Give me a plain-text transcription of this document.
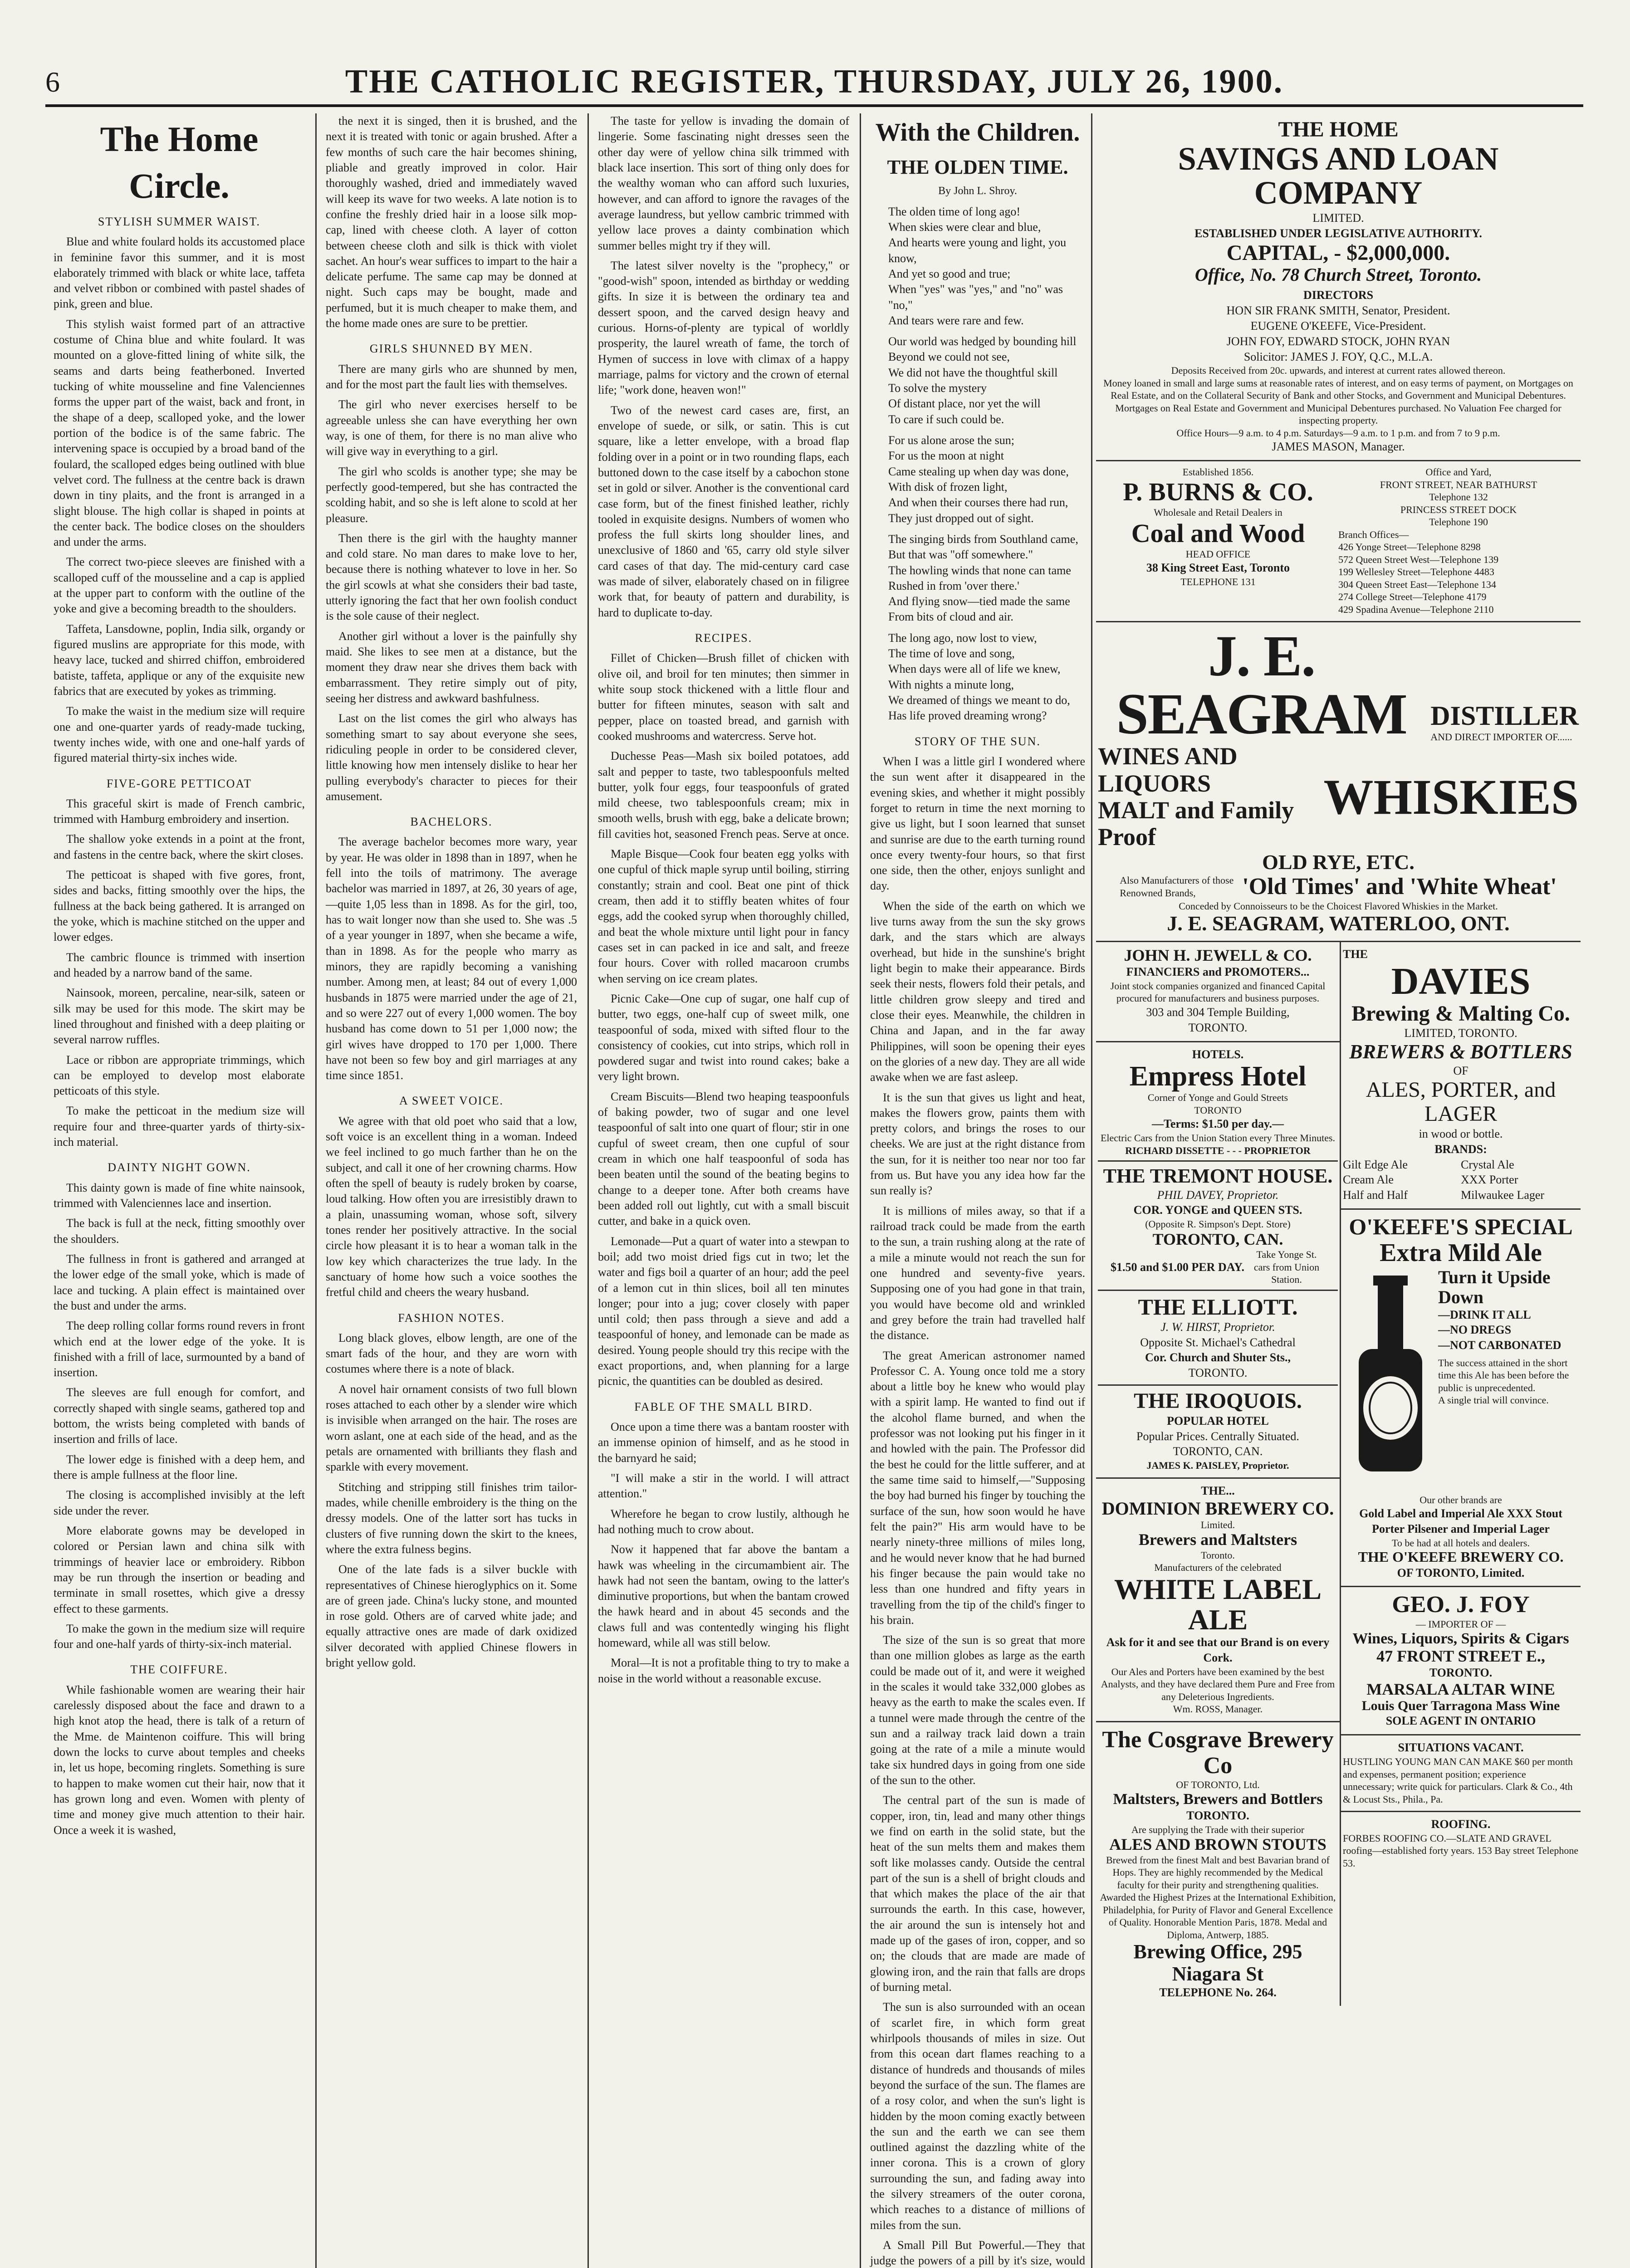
6	THE CATHOLIC REGISTER, THURSDAY, JULY 26, 1900.
The Home Circle.
STYLISH SUMMER WAIST.

Blue and white foulard holds its accustomed place in feminine favor this summer, and it is most elaborately trimmed with black or white lace, taffeta and velvet ribbon or combined with pastel shades of pink, green and blue.

This stylish waist formed part of an attractive costume of China blue and white foulard. It was mounted on a glove-fitted lining of white silk, the seams and darts being featherboned. Inverted tucking of white mousseline and fine Valenciennes forms the upper part of the waist, back and front, in the shape of a deep, scalloped yoke, and the lower portion of the bodice is of the same fabric. The intervening space is occupied by a broad band of the foulard, the scalloped edges being outlined with blue velvet cord. The fullness at the centre back is drawn down in tiny plaits, and the front is arranged in a slight blouse. The high collar is shaped in points at the center back. The bodice closes on the shoulders and under the arms.

The correct two-piece sleeves are finished with a scalloped cuff of the mousseline and a cap is applied at the upper part to conform with the outline of the yoke and give a becoming breadth to the shoulders.

Taffeta, Lansdowne, poplin, India silk, organdy or figured muslins are appropriate for this mode, with heavy lace, tucked and shirred chiffon, embroidered batiste, taffeta, applique or any of the exquisite new fabrics that are executed by yokes as trimming.

To make the waist in the medium size will require one and one-quarter yards of ready-made tucking, twenty inches wide, with one and one-half yards of figured material thirty-six inches wide.

FIVE-GORE PETTICOAT

This graceful skirt is made of French cambric, trimmed with Hamburg embroidery and insertion.

The shallow yoke extends in a point at the front, and fastens in the centre back, where the skirt closes.

The petticoat is shaped with five gores, front, sides and backs, fitting smoothly over the hips, the fullness at the back being gathered. It is arranged on the yoke, which is machine stitched on the upper and lower edges.

The cambric flounce is trimmed with insertion and headed by a narrow band of the same.

Nainsook, moreen, percaline, near-silk, sateen or silk may be used for this mode. The skirt may be lined throughout and finished with a deep plaiting or several narrow ruffles.

Lace or ribbon are appropriate trimmings, which can be employed to develop most elaborate petticoats of this style.

To make the petticoat in the medium size will require four and three-quarter yards of thirty-six-inch material.

DAINTY NIGHT GOWN.

This dainty gown is made of fine white nainsook, trimmed with Valenciennes lace and insertion.

The back is full at the neck, fitting smoothly over the shoulders.

The fullness in front is gathered and arranged at the lower edge of the small yoke, which is made of lace and tucking. A plain effect is maintained over the bust and under the arms.

The deep rolling collar forms round revers in front which end at the lower edge of the yoke. It is finished with a frill of lace, surmounted by a band of insertion.

The sleeves are full enough for comfort, and correctly shaped with single seams, gathered top and bottom, the wrists being completed with bands of insertion and frills of lace.

The lower edge is finished with a deep hem, and there is ample fullness at the floor line.

The closing is accomplished invisibly at the left side under the rever.

More elaborate gowns may be developed in colored or Persian lawn and china silk with trimmings of heavier lace or embroidery. Ribbon may be run through the insertion or beading and terminate in small rosettes, which give a dressy effect to these garments.

To make the gown in the medium size will require four and one-half yards of thirty-six-inch material.

THE COIFFURE.

While fashionable women are wearing their hair carelessly disposed about the face and drawn to a high knot atop the head, there is talk of a return of the Mme. de Maintenon coiffure. This will bring down the locks to curve about temples and cheeks in, let us hope, becoming ringlets. Something is sure to happen to make women cut their hair, now that it has grown long and even. Women with plenty of time and money give much attention to their hair. Once a week it is washed,

the next it is singed, then it is brushed, and the next it is treated with tonic or again brushed. After a few months of such care the hair becomes shining, pliable and greatly improved in color. Hair thoroughly washed, dried and immediately waved will keep its wave for two weeks. A late notion is to confine the freshly dried hair in a loose silk mop-cap, lined with cheese cloth. A layer of cotton between cheese cloth and silk is thick with violet sachet. An hour's wear suffices to impart to the hair a delicate perfume. The same cap may be donned at night. Such caps may be bought, made and perfumed, but it is much cheaper to make them, and the home made ones are sure to be prettier.

GIRLS SHUNNED BY MEN.

There are many girls who are shunned by men, and for the most part the fault lies with themselves.

The girl who never exercises herself to be agreeable unless she can have everything her own way, is one of them, for there is no man alive who will give way in everything to a girl.

The girl who scolds is another type; she may be perfectly good-tempered, but she has contracted the scolding habit, and so she is left alone to scold at her pleasure.

Then there is the girl with the haughty manner and cold stare. No man dares to make love to her, because there is nothing whatever to love in her. So the girl scowls at what she considers their bad taste, utterly ignoring the fact that her own foolish conduct is the sole cause of their neglect.

Another girl without a lover is the painfully shy maid. She likes to see men at a distance, but the moment they draw near she drives them back with embarrassment. They retire simply out of pity, seeing her distress and awkward bashfulness.

Last on the list comes the girl who always has something smart to say about everyone she sees, ridiculing people in order to be considered clever, little knowing how men intensely dislike to hear her pulling everybody's character to pieces for their amusement.

BACHELORS.

The average bachelor becomes more wary, year by year. He was older in 1898 than in 1897, when he fell into the toils of matrimony. The average bachelor was married in 1897, at 26, 30 years of age,—quite 1,05 less than in 1898. As for the girl, too, has to wait longer now than she used to. She was .5 of a year younger in 1897, when she became a wife, than in 1898. As for the people who marry as minors, they are rapidly becoming a vanishing number. Among men, at least; 84 out of every 1,000 husbands in 1875 were married under the age of 21, and so were 227 out of every 1,000 women. The boy husband has come down to 51 per 1,000 now; the girl wives have dropped to 170 per 1,000. There have not been so few boy and girl marriages at any time since 1851.

A SWEET VOICE.

We agree with that old poet who said that a low, soft voice is an excellent thing in a woman. Indeed we feel inclined to go much farther than he on the subject, and call it one of her crowning charms. How often the spell of beauty is rudely broken by coarse, loud talking. How often you are irresistibly drawn to a plain, unassuming woman, whose soft, silvery tones render her positively attractive. In the social circle how pleasant it is to hear a woman talk in the low key which characterizes the true lady. In the sanctuary of home how such a voice soothes the fretful child and cheers the weary husband.

FASHION NOTES.

Long black gloves, elbow length, are one of the smart fads of the hour, and they are worn with costumes where there is a note of black.

A novel hair ornament consists of two full blown roses attached to each other by a slender wire which is invisible when arranged on the hair. The roses are worn aslant, one at each side of the head, and as the petals are ornamented with brilliants they flash and sparkle with every movement.

Stitching and stripping still finishes trim tailor-mades, while chenille embroidery is the thing on the dressy models. One of the latter sort has tucks in clusters of five running down the skirt to the knees, where the extra fulness begins.

One of the late fads is a silver buckle with representatives of Chinese hieroglyphics on it. Some are of green jade. China's lucky stone, and mounted in rose gold. Others are of carved white jade; and equally attractive ones are made of dark oxidized silver decorated with applied Chinese flowers in bright yellow gold.

The taste for yellow is invading the domain of lingerie. Some fascinating night dresses seen the other day were of yellow china silk trimmed with black lace insertion. This sort of thing only does for the wealthy woman who can afford such luxuries, however, and can afford to ignore the ravages of the average laundress, but yellow cambric trimmed with yellow lace proves a dainty combination which summer belles might try if they will.

The latest silver novelty is the "prophecy," or "good-wish" spoon, intended as birthday or wedding gifts. In size it is between the ordinary tea and dessert spoon, and the carved design heavy and curious. Horns-of-plenty are typical of worldly prosperity, the laurel wreath of fame, the torch of Hymen of success in love with climax of a happy marriage, palms for victory and the crown of eternal life; "work done, heaven won!"

Two of the newest card cases are, first, an envelope of suede, or silk, or satin. This is cut square, like a letter envelope, with a broad flap folding over in a point or in two rounding flaps, each buttoned down to the case itself by a cabochon stone set in gold or silver. Another is the conventional card case form, but of the finest finished leather, richly tooled in exquisite designs. Numbers of women who profess the full skirts long shoulder lines, and unexclusive of 1860 and '65, carry old style silver card cases of that day. The mid-century card case was made of silver, elaborately chased on in filigree work that, for beauty of pattern and durability, is hard to duplicate to-day.

RECIPES.

Fillet of Chicken—Brush fillet of chicken with olive oil, and broil for ten minutes; then simmer in white soup stock thickened with a little flour and butter for fifteen minutes, season with salt and pepper, place on toasted bread, and garnish with cooked mushrooms and watercress. Serve hot.

Duchesse Peas—Mash six boiled potatoes, add salt and pepper to taste, two tablespoonfuls melted butter, yolk four eggs, four teaspoonfuls of grated mild cheese, two tablespoonfuls cream; mix in smooth wells, brush with egg, bake a delicate brown; fill cavities hot, seasoned French peas. Serve at once.

Maple Bisque—Cook four beaten egg yolks with one cupful of thick maple syrup until boiling, stirring constantly; strain and cool. Beat one pint of thick cream, then add it to stiffly beaten whites of four eggs, add the cooked syrup when thoroughly chilled, and beat the whole mixture until light pour in fancy cases set in can packed in ice and salt, and freeze four hours. Cover with rolled macaroon crumbs when serving on ice cream plates.

Picnic Cake—One cup of sugar, one half cup of butter, two eggs, one-half cup of sweet milk, one teaspoonful of soda, mixed with sifted flour to the consistency of cookies, cut into strips, which roll in powdered sugar and twist into round cakes; bake a very light brown.

Cream Biscuits—Blend two heaping teaspoonfuls of baking powder, two of sugar and one level teaspoonful of salt into one quart of flour; stir in one cupful of sweet cream, then one cupful of sour cream in which one half teaspoonful of soda has been beaten until the sound of the beating begins to change to a deeper tone. After both creams have been added roll out lightly, cut with a small biscuit cutter, and bake in a quick oven.

Lemonade—Put a quart of water into a stewpan to boil; add two moist dried figs cut in two; let the water and figs boil a quarter of an hour; add the peel of a lemon cut in thin slices, boil all ten minutes longer; pour into a jug; cover closely with paper until cold; then pass through a sieve and add a teaspoonful of honey, and lemonade can be made as desired. Young people should try this recipe with the exact proportions, and, when planning for a large picnic, the quantities can be doubled as desired.

FABLE OF THE SMALL BIRD.

Once upon a time there was a bantam rooster with an immense opinion of himself, and as he stood in the barnyard he said;

"I will make a stir in the world. I will attract attention."

Wherefore he began to crow lustily, although he had nothing much to crow about.

Now it happened that far above the bantam a hawk was wheeling in the circumambient air. The hawk had not seen the bantam, owing to the latter's diminutive proportions, but when the bantam crowed the hawk heard and in about 45 seconds and the claws full and was contentedly winging his flight homeward, while all was still below.

Moral—It is not a profitable thing to try to make a noise in the world without a reasonable excuse.

With the Children.
THE OLDEN TIME.
By John L. Shroy.
The olden time of long ago!
When skies were clear and blue,
And hearts were young and light, you know,
And yet so good and true;
When "yes" was "yes," and "no" was "no,"
And tears were rare and few.
Our world was hedged by bounding hill
Beyond we could not see,
We did not have the thoughtful skill
To solve the mystery
Of distant place, nor yet the will
To care if such could be.
For us alone arose the sun;
For us the moon at night
Came stealing up when day was done,
With disk of frozen light,
And when their courses there had run,
They just dropped out of sight.
The singing birds from Southland came,
But that was "off somewhere."
The howling winds that none can tame
Rushed in from 'over there.'
And flying snow—tied made the same
From bits of cloud and air.
The long ago, now lost to view,
The time of love and song,
When days were all of life we knew,
With nights a minute long,
We dreamed of things we meant to do,
Has life proved dreaming wrong?
STORY OF THE SUN.

When I was a little girl I wondered where the sun went after it disappeared in the evening skies, and whether it might possibly forget to return in time the next morning to give us light, but I soon learned that sunset and sunrise are due to the earth turning round once every twenty-four hours, so that first one side, then the other, enjoys sunlight and day.

When the side of the earth on which we live turns away from the sun the sky grows dark, and the stars which are always overhead, but hide in the sunshine's bright light begin to make their appearance. Birds seek their nests, flowers fold their petals, and little children grow sleepy and tired and close their eyes. Meanwhile, the children in China and Japan, and in the far away Philippines, will soon be opening their eyes on the glories of a new day. They are all wide awake when we are fast asleep.

It is the sun that gives us light and heat, makes the flowers grow, paints them with pretty colors, and brings the roses to our cheeks. We are just at the right distance from the sun, for it is neither too near nor too far from us. But have you any idea how far the sun really is?

It is millions of miles away, so that if a railroad track could be made from the earth to the sun, a train rushing along at the rate of a mile a minute would not reach the sun for one hundred and seventy-five years. Supposing one of you had gone in that train, you would have become old and wrinkled and grey before the train had travelled half the distance.

The great American astronomer named Professor C. A. Young once told me a story about a little boy he knew who would play with a spirit lamp. He wanted to find out if the alcohol flame burned, and when the professor was not looking put his finger in it and howled with the pain. The Professor did the best he could for the little sufferer, and at the same time said to himself,—"Supposing the boy had burned his finger by touching the surface of the sun, how soon would he have felt the pain?" His arm would have to be nearly ninety-three millions of miles long, and he would never know that he had burned his finger because the pain would take no less than one hundred and fifty years in travelling from the tip of the child's finger to his brain.

The size of the sun is so great that more than one million globes as large as the earth could be made out of it, and were it weighed in the scales it would take 332,000 globes as heavy as the earth to make the scales even. If a tunnel were made through the centre of the sun and a railway track laid down a train going at the rate of a mile a minute would take six hundred days in going from one side of the sun to the other.

The central part of the sun is made of copper, iron, tin, lead and many other things we find on earth in the solid state, but the heat of the sun melts them and makes them soft like molasses candy. Outside the central part of the sun is a shell of bright clouds and that which makes the place of the air that surrounds the earth. In this case, however, the air around the sun is intensely hot and made up of the gases of iron, copper, and so on; the clouds that are made are made of glowing iron, and the rain that falls are drops of burning metal.

The sun is also surrounded with an ocean of scarlet fire, in which form great whirlpools thousands of miles in size. Out from this ocean dart flames reaching to a distance of hundreds and thousands of miles beyond the surface of the sun. The flames are of a rosy color, and when the sun's light is hidden by the moon coming exactly between the sun and the earth we can see them outlined against the dazzling white of the inner corona. This is a crown of glory surrounding the sun, and fading away into the silvery streamers of the outer corona, which reaches to a distance of millions of miles from the sun.

A Small Pill But Powerful.—They that judge the powers of a pill by it's size, would

THE HOME
SAVINGS AND LOAN COMPANY
LIMITED.
ESTABLISHED UNDER LEGISLATIVE AUTHORITY.
CAPITAL, - $2,000,000.
Office, No. 78 Church Street, Toronto.
DIRECTORS
HON SIR FRANK SMITH, Senator, President.
EUGENE O'KEEFE, Vice-President.
JOHN FOY, EDWARD STOCK, JOHN RYAN
Solicitor: JAMES J. FOY, Q.C., M.L.A.
Deposits Received from 20c. upwards, and interest at current rates allowed thereon.
Money loaned in small and large sums at reasonable rates of interest, and on easy terms of payment, on Mortgages on Real Estate, and on the Collateral Security of Bank and other Stocks, and Government and Municipal Debentures. Mortgages on Real Estate and Government and Municipal Debentures purchased. No Valuation Fee charged for inspecting property.
Office Hours—9 a.m. to 4 p.m. Saturdays—9 a.m. to 1 p.m. and from 7 to 9 p.m.
JAMES MASON, Manager.
Established 1856.
P. BURNS & CO.
Wholesale and Retail Dealers in
Coal and Wood
HEAD OFFICE
38 King Street East, Toronto
TELEPHONE 131
Office and Yard,
FRONT STREET, NEAR BATHURST
Telephone 132
PRINCESS STREET DOCK
Telephone 190
Branch Offices—
426 Yonge Street—Telephone 8298
572 Queen Street West—Telephone 139
199 Wellesley Street—Telephone 4483
304 Queen Street East—Telephone 134
274 College Street—Telephone 4179
429 Spadina Avenue—Telephone 2110
J. E. SEAGRAM DISTILLER
AND DIRECT IMPORTER OF......
WINES AND LIQUORS
MALT and Family Proof
WHISKIES
OLD RYE, ETC.
Also Manufacturers of those Renowned Brands,	'Old Times' and 'White Wheat'
Conceded by Connoisseurs to be the Choicest Flavored Whiskies in the Market.
J. E. SEAGRAM, WATERLOO, ONT.
JOHN H. JEWELL & CO.
FINANCIERS and PROMOTERS...
Joint stock companies organized and financed Capital procured for manufacturers and business purposes.
303 and 304 Temple Building,
TORONTO.
HOTELS.
Empress Hotel
Corner of Yonge and Gould Streets
TORONTO
—Terms: $1.50 per day.—
Electric Cars from the Union Station every Three Minutes.
RICHARD DISSETTE - - - PROPRIETOR
THE TREMONT HOUSE.
PHIL DAVEY, Proprietor.
COR. YONGE and QUEEN STS.
(Opposite R. Simpson's Dept. Store)
TORONTO, CAN.
$1.50 and $1.00 PER DAY.
Take Yonge St. cars from Union Station.
THE ELLIOTT.
J. W. HIRST, Proprietor.
Opposite St. Michael's Cathedral
Cor. Church and Shuter Sts.,
TORONTO.
THE IROQUOIS.
POPULAR HOTEL
Popular Prices. Centrally Situated.
TORONTO, CAN.
JAMES K. PAISLEY, Proprietor.
THE...
DOMINION BREWERY CO.
Limited.
Brewers and Maltsters
Toronto.
Manufacturers of the celebrated
WHITE LABEL ALE
Ask for it and see that our Brand is on every Cork.
Our Ales and Porters have been examined by the best Analysts, and they have declared them Pure and Free from any Deleterious Ingredients.
Wm. ROSS, Manager.
The Cosgrave Brewery Co
OF TORONTO, Ltd.
Maltsters, Brewers and Bottlers
TORONTO.
Are supplying the Trade with their superior
ALES AND BROWN STOUTS
Brewed from the finest Malt and best Bavarian brand of Hops. They are highly recommended by the Medical faculty for their purity and strengthening qualities.
Awarded the Highest Prizes at the International Exhibition, Philadelphia, for Purity of Flavor and General Excellence of Quality. Honorable Mention Paris, 1878. Medal and Diploma, Antwerp, 1885.
Brewing Office, 295 Niagara St
TELEPHONE No. 264.
THE
DAVIES
Brewing & Malting Co.
LIMITED, TORONTO.
BREWERS & BOTTLERS
OF
ALES, PORTER, and LAGER
in wood or bottle.
BRANDS:
Gilt Edge Ale
Cream Ale
Half and Half
Crystal Ale
XXX Porter
Milwaukee Lager
O'KEEFE'S SPECIAL
Extra Mild Ale
Turn it Upside Down
—DRINK IT ALL
—NO DREGS
—NOT CARBONATED
The success attained in the short time this Ale has been before the public is unprecedented.
A single trial will convince.
Our other brands are
Gold Label and Imperial Ale XXX Stout Porter Pilsener and Imperial Lager
To be had at all hotels and dealers.
THE O'KEEFE BREWERY CO.
OF TORONTO, Limited.
GEO. J. FOY
— IMPORTER OF —
Wines, Liquors, Spirits & Cigars
47 FRONT STREET E.,
TORONTO.
MARSALA ALTAR WINE
Louis Quer Tarragona Mass Wine
SOLE AGENT IN ONTARIO
SITUATIONS VACANT.
HUSTLING YOUNG MAN CAN MAKE $60 per month and expenses, permanent position; experience unnecessary; write quick for particulars. Clark & Co., 4th & Locust Sts., Phila., Pa.
ROOFING.
FORBES ROOFING CO.—SLATE AND GRAVEL roofing—established forty years. 153 Bay street Telephone 53.
